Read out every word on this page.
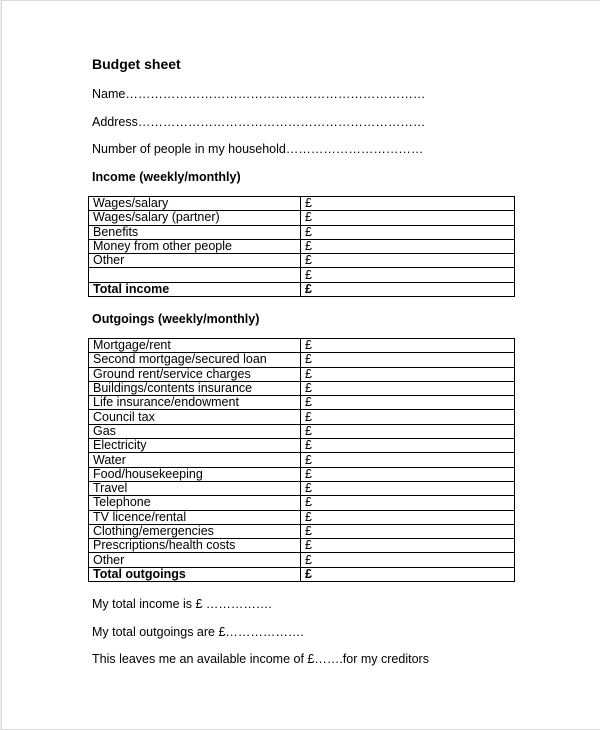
Budget sheet
Name………………………………………………………………
Address……………………………………………………………
Number of people in my household……………………………
Income (weekly/monthly)
Wages/salary	£
Wages/salary (partner)	£
Benefits	£
Money from other people	£
Other	£
	£
Total income	£
Outgoings (weekly/monthly)
Mortgage/rent	£
Second mortgage/secured loan	£
Ground rent/service charges	£
Buildings/contents insurance	£
Life insurance/endowment	£
Council tax	£
Gas	£
Electricity	£
Water	£
Food/housekeeping	£
Travel	£
Telephone	£
TV licence/rental	£
Clothing/emergencies	£
Prescriptions/health costs	£
Other	£
Total outgoings	£
My total income is £ …………….
My total outgoings are £……………….
This leaves me an available income of £…….for my creditors
